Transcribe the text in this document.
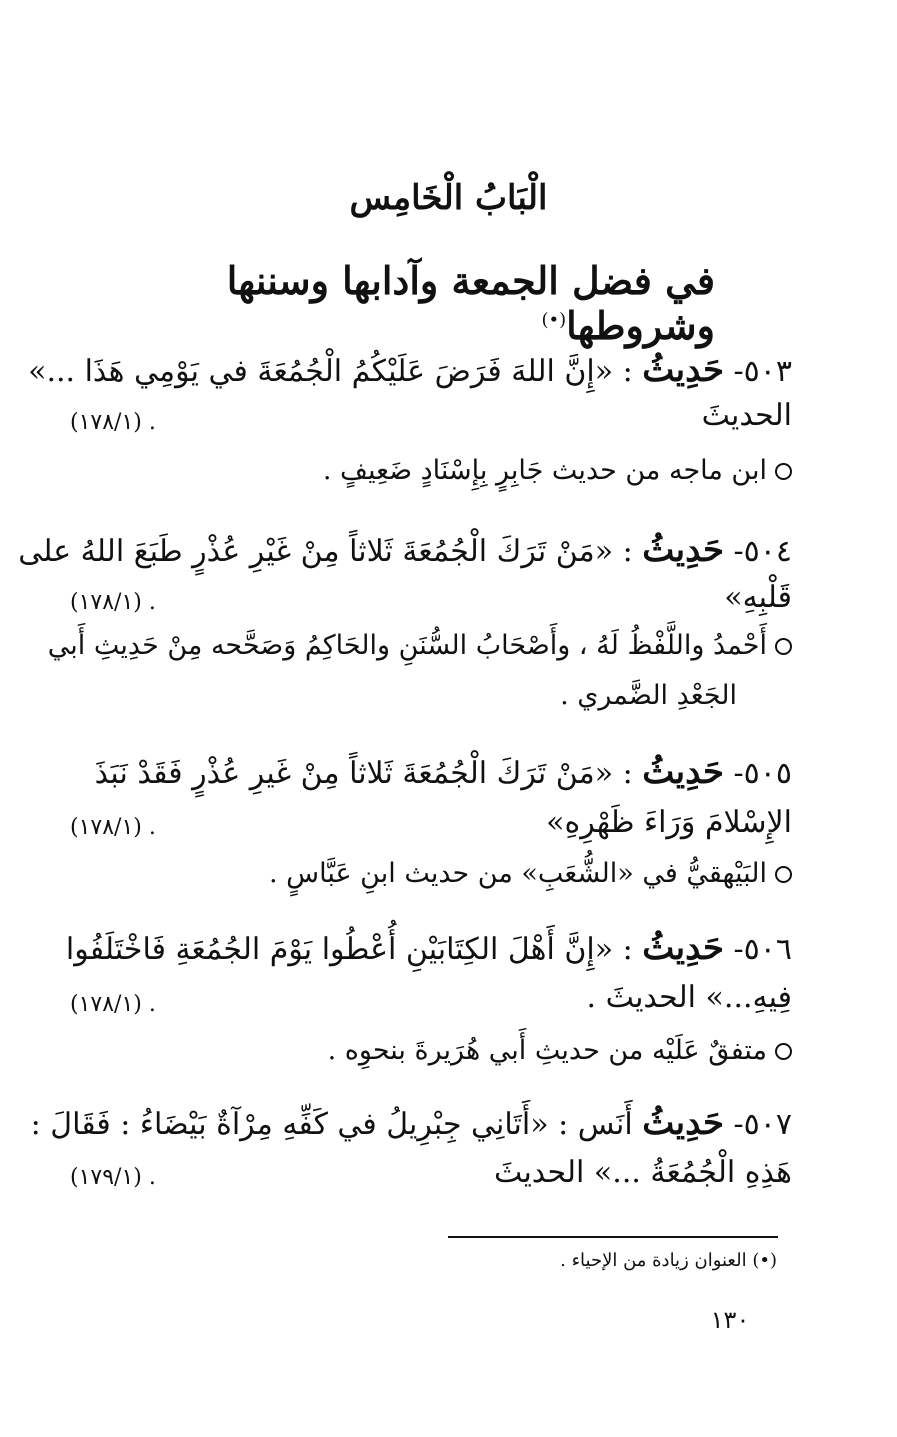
الْبَابُ الْخَامِس
في فضل الجمعة وآدابها وسننها وشروطها(•)
٥٠٣- حَدِيثُ : «إِنَّ اللهَ فَرَضَ عَلَيْكُمُ الْجُمُعَةَ في يَوْمِي هَذَا ...»
الحديثَ
(١٧٨/١) .
ابن ماجه من حديث جَابِرٍ بِإِسْنَادٍ ضَعِيفٍ .
٥٠٤- حَدِيثُ : «مَنْ تَرَكَ الْجُمُعَةَ ثَلاثاً مِنْ غَيْرِ عُذْرٍ طَبَعَ اللهُ على
قَلْبِهِ»
(١٧٨/١) .
أَحْمدُ واللَّفْظُ لَهُ ، وأَصْحَابُ السُّنَنِ والحَاكِمُ وَصَحَّحه مِنْ حَدِيثِ أَبي
الجَعْدِ الضَّمري .
٥٠٥- حَدِيثُ : «مَنْ تَرَكَ الْجُمُعَةَ ثَلاثاً مِنْ غَيرِ عُذْرٍ فَقَدْ نَبَذَ
الإِسْلامَ وَرَاءَ ظَهْرِهِ»
(١٧٨/١) .
البَيْهقيُّ في «الشُّعَبِ» من حديث ابنِ عَبَّاسٍ .
٥٠٦- حَدِيثُ : «إِنَّ أَهْلَ الكِتَابَيْنِ أُعْطُوا يَوْمَ الجُمُعَةِ فَاخْتَلَفُوا
فِيهِ...» الحديثَ .
(١٧٨/١) .
متفقٌ عَلَيْه من حديثِ أَبي هُرَيرةَ بنحوِه .
٥٠٧- حَدِيثُ أَنَس : «أَتَانِي جِبْرِيلُ في كَفِّهِ مِرْآةٌ بَيْضَاءُ : فَقَالَ :
هَذِهِ الْجُمُعَةُ ...» الحديثَ
(١٧٩/١) .
(•) العنوان زيادة من الإحياء .
١٣٠
